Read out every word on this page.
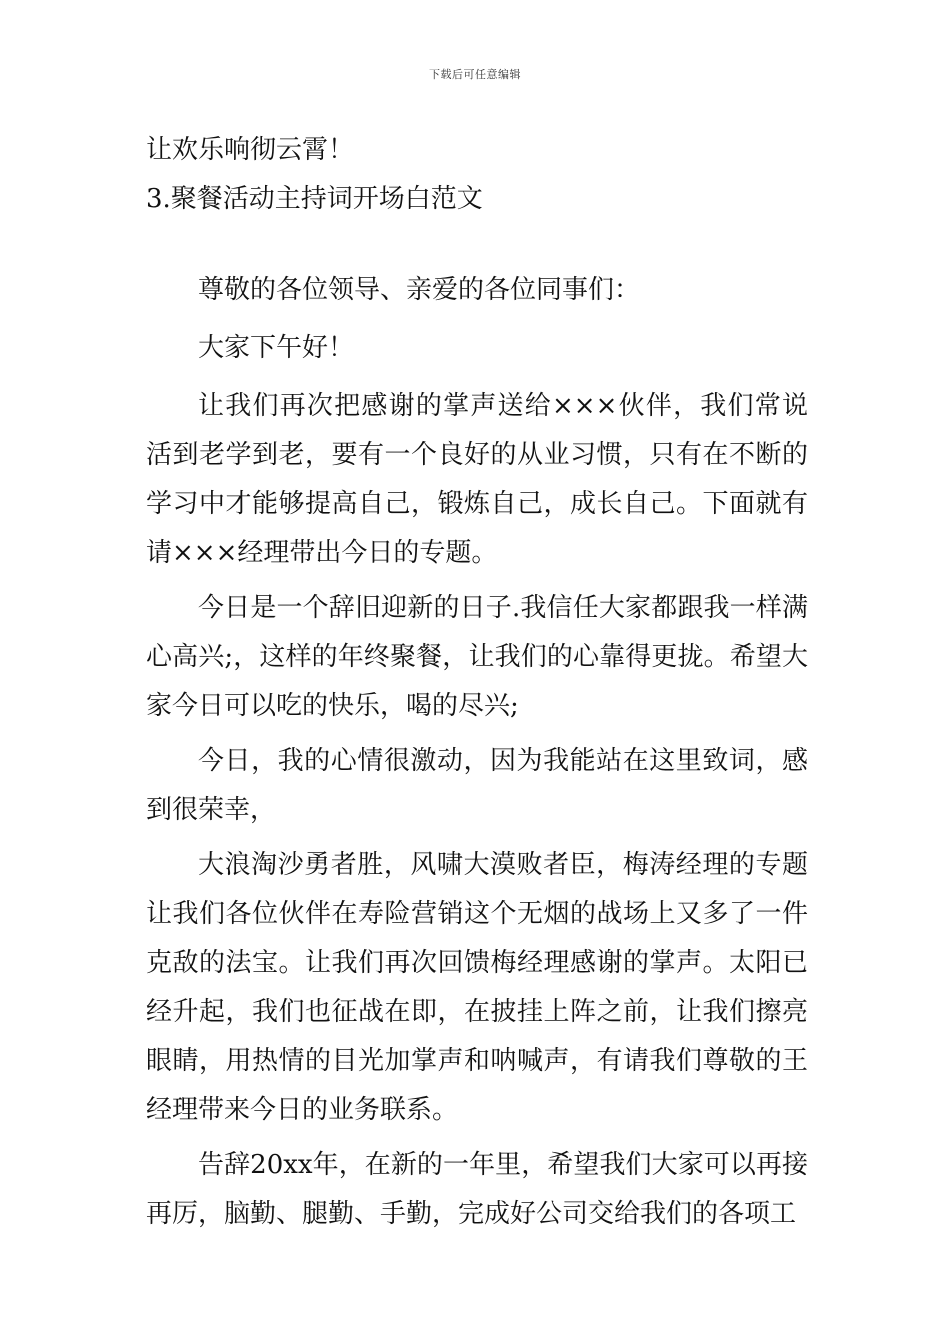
下载后可任意编辑
让欢乐响彻云霄！
3.聚餐活动主持词开场白范文

尊敬的各位领导、亲爱的各位同事们：

大家下午好！

让我们再次把感谢的掌声送给×××伙伴，我们常说活到老学到老，要有一个良好的从业习惯，只有在不断的学习中才能够提高自己，锻炼自己，成长自己。下面就有请×××经理带出今日的专题。

今日是一个辞旧迎新的日子.我信任大家都跟我一样满心高兴;，这样的年终聚餐，让我们的心靠得更拢。希望大家今日可以吃的快乐，喝的尽兴;

今日，我的心情很激动，因为我能站在这里致词，感到很荣幸，

大浪淘沙勇者胜，风啸大漠败者臣，梅涛经理的专题让我们各位伙伴在寿险营销这个无烟的战场上又多了一件克敌的法宝。让我们再次回馈梅经理感谢的掌声。太阳已经升起，我们也征战在即，在披挂上阵之前，让我们擦亮眼睛，用热情的目光加掌声和呐喊声，有请我们尊敬的王经理带来今日的业务联系。

告辞20xx年，在新的一年里，希望我们大家可以再接再厉，脑勤、腿勤、手勤，完成好公司交给我们的各项工
